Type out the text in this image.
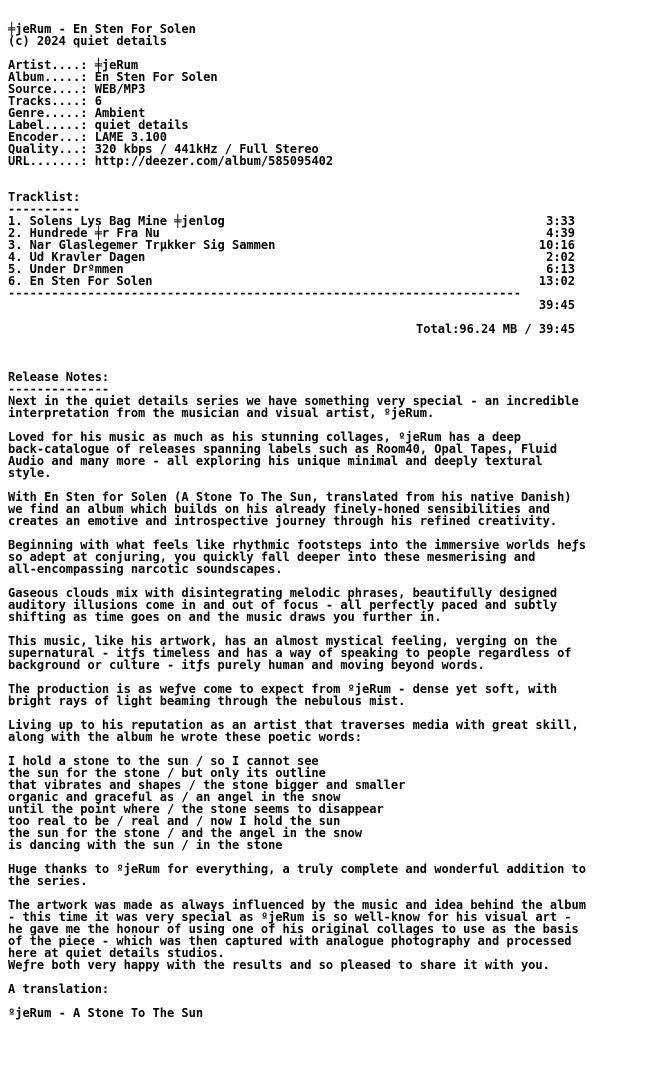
╪jeRum - En Sten For Solen
(c) 2024 quiet details
Artist....: ╪jeRum
Album.....: En Sten For Solen
Source....: WEB/MP3
Tracks....: 6
Genre.....: Ambient
Label.....: quiet details
Encoder...: LAME 3.100
Quality...: 320 kbps / 441kHz / Full Stereo
URL.......: http://deezer.com/album/585095402
Tracklist:
----------
1. Solens Lys Bag Mine ╪jenlσg	3:33
2. Hundrede ╪r Fra Nu	4:39
3. Nar Glaslegemer Trµkker Sig Sammen	10:16
4. Ud Kravler Dagen	2:02
5. Under Drºmmen	6:13
6. En Sten For Solen	13:02
-----------------------------------------------------------------------
39:45
Total:96.24 MB / 39:45
Release Notes:
--------------
Next in the quiet details series we have something very special - an incredible
interpretation from the musician and visual artist, ºjeRum.
Loved for his music as much as his stunning collages, ºjeRum has a deep
back-catalogue of releases spanning labels such as Room40, Opal Tapes, Fluid
Audio and many more - all exploring his unique minimal and deeply textural
style.
With En Sten for Solen (A Stone To The Sun, translated from his native Danish)
we find an album which builds on his already finely-honed sensibilities and
creates an emotive and introspective journey through his refined creativity.
Beginning with what feels like rhythmic footsteps into the immersive worlds heƒs
so adept at conjuring, you quickly fall deeper into these mesmerising and
all-encompassing narcotic soundscapes.
Gaseous clouds mix with disintegrating melodic phrases, beautifully designed
auditory illusions come in and out of focus - all perfectly paced and subtly
shifting as time goes on and the music draws you further in.
This music, like his artwork, has an almost mystical feeling, verging on the
supernatural - itƒs timeless and has a way of speaking to people regardless of
background or culture - itƒs purely human and moving beyond words.
The production is as weƒve come to expect from ºjeRum - dense yet soft, with
bright rays of light beaming through the nebulous mist.
Living up to his reputation as an artist that traverses media with great skill,
along with the album he wrote these poetic words:
I hold a stone to the sun / so I cannot see
the sun for the stone / but only its outline
that vibrates and shapes / the stone bigger and smaller
organic and graceful as / an angel in the snow
until the point where / the stone seems to disappear
too real to be / real and / now I hold the sun
the sun for the stone / and the angel in the snow
is dancing with the sun / in the stone
Huge thanks to ºjeRum for everything, a truly complete and wonderful addition to
the series.
The artwork was made as always influenced by the music and idea behind the album
- this time it was very special as ºjeRum is so well-know for his visual art -
he gave me the honour of using one of his original collages to use as the basis
of the piece - which was then captured with analogue photography and processed
here at quiet details studios.
Weƒre both very happy with the results and so pleased to share it with you.
A translation:
ºjeRum - A Stone To The Sun
